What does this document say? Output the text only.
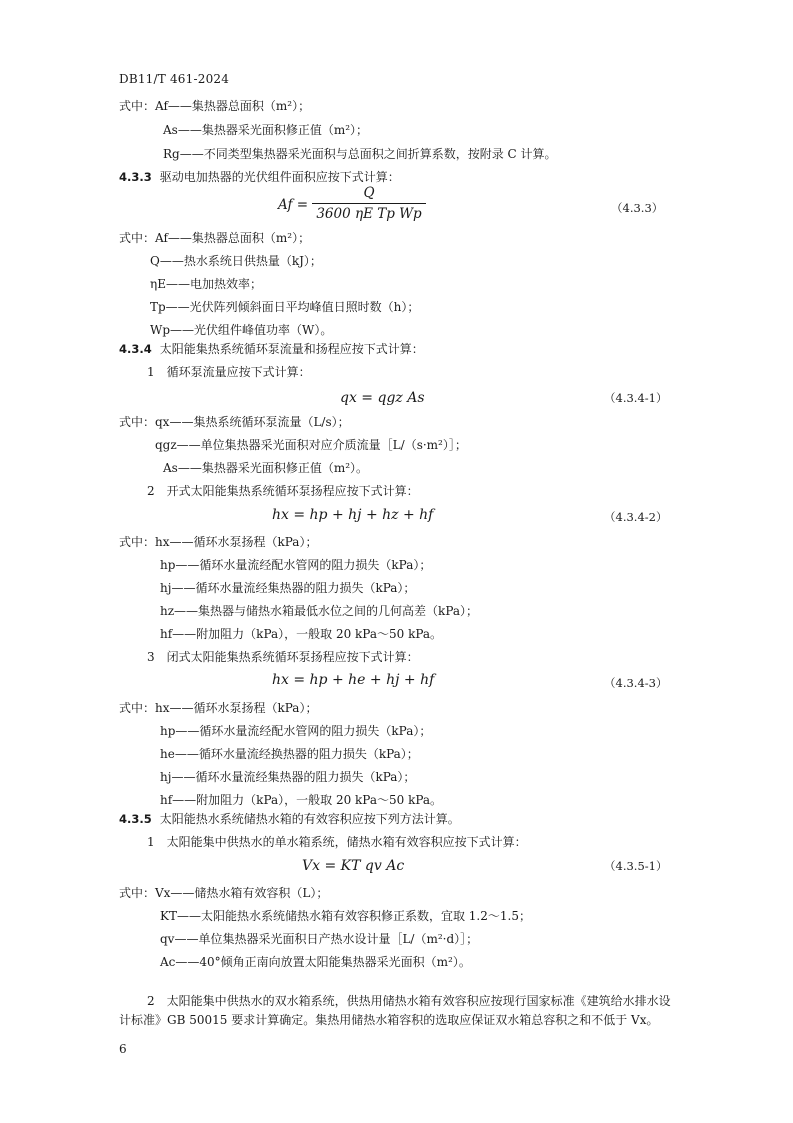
DB11/T 461-2024
式中：Af——集热器总面积（m²）；
As——集热器采光面积修正值（m²）；
Rg——不同类型集热器采光面积与总面积之间折算系数，按附录 C 计算。
式中：Af——集热器总面积（m²）；
Q——热水系统日供热量（kJ）；
ηE——电加热效率；
Tp——光伏阵列倾斜面日平均峰值日照时数（h）；
Wp——光伏组件峰值功率（W）。
1　循环泵流量应按下式计算：
式中：qx——集热系统循环泵流量（L/s）；
qgz——单位集热器采光面积对应介质流量［L/（s·m²）］；
As——集热器采光面积修正值（m²）。
2　开式太阳能集热系统循环泵扬程应按下式计算：
式中：hx——循环水泵扬程（kPa）；
hp——循环水量流经配水管网的阻力损失（kPa）；
hj——循环水量流经集热器的阻力损失（kPa）；
hz——集热器与储热水箱最低水位之间的几何高差（kPa）；
hf——附加阻力（kPa），一般取 20 kPa～50 kPa。
3　闭式太阳能集热系统循环泵扬程应按下式计算：
式中：hx——循环水泵扬程（kPa）；
hp——循环水量流经配水管网的阻力损失（kPa）；
he——循环水量流经换热器的阻力损失（kPa）；
hj——循环水量流经集热器的阻力损失（kPa）；
hf——附加阻力（kPa），一般取 20 kPa～50 kPa。
1　太阳能集中供热水的单水箱系统，储热水箱有效容积应按下式计算：
式中：Vx——储热水箱有效容积（L）；
KT——太阳能热水系统储热水箱有效容积修正系数，宜取 1.2～1.5；
qv——单位集热器采光面积日产热水设计量［L/（m²·d）］；
Ac——40°倾角正南向放置太阳能集热器采光面积（m²）。
4.3.3 驱动电加热器的光伏组件面积应按下式计算：
4.3.4 太阳能集热系统循环泵流量和扬程应按下式计算：
4.3.5 太阳能热水系统储热水箱的有效容积应按下列方法计算。
Af =
Q
3600 ηE Tp Wp
qx = qgz As
hx = hp + hj + hz + hf
hx = hp + he + hj + hf
Vx = KT qv Ac
（4.3.3）
（4.3.4-1）
（4.3.4-2）
（4.3.4-3）
（4.3.5-1）
2　太阳能集中供热水的双水箱系统，供热用储热水箱有效容积应按现行国家标准《建筑给水排水设计标准》GB 50015 要求计算确定。集热用储热水箱容积的选取应保证双水箱总容积之和不低于 Vx。
6
